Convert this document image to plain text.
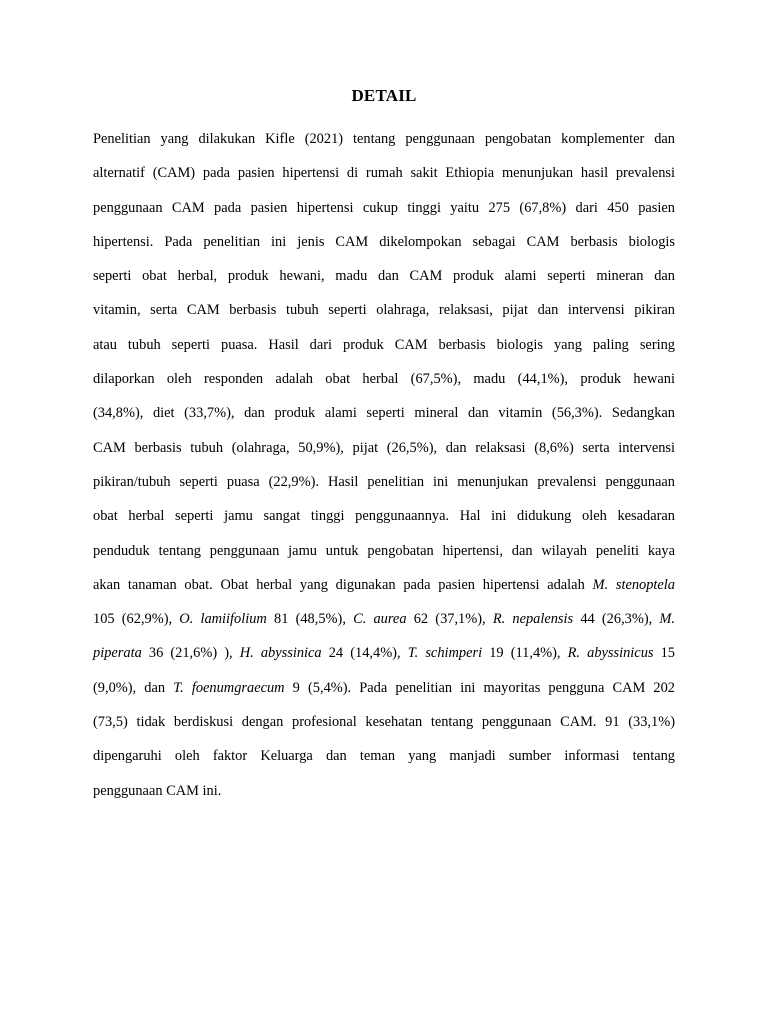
DETAIL
Penelitian yang dilakukan Kifle (2021) tentang penggunaan pengobatan komplementer dan
alternatif (CAM) pada pasien hipertensi di rumah sakit Ethiopia menunjukan hasil prevalensi
penggunaan CAM pada pasien hipertensi cukup tinggi yaitu 275 (67,8%) dari 450 pasien
hipertensi. Pada penelitian ini jenis CAM dikelompokan sebagai CAM berbasis biologis
seperti obat herbal, produk hewani, madu dan CAM produk alami seperti mineran dan
vitamin, serta CAM berbasis tubuh seperti olahraga, relaksasi, pijat dan intervensi pikiran
atau tubuh seperti puasa. Hasil dari produk CAM berbasis biologis yang paling sering
dilaporkan oleh responden adalah obat herbal (67,5%), madu (44,1%), produk hewani
(34,8%), diet (33,7%), dan produk alami seperti mineral dan vitamin (56,3%). Sedangkan
CAM berbasis tubuh (olahraga, 50,9%), pijat (26,5%), dan relaksasi (8,6%) serta intervensi
pikiran/tubuh seperti puasa (22,9%). Hasil penelitian ini menunjukan prevalensi penggunaan
obat herbal seperti jamu sangat tinggi penggunaannya. Hal ini didukung oleh kesadaran
penduduk tentang penggunaan jamu untuk pengobatan hipertensi, dan wilayah peneliti kaya
akan tanaman obat. Obat herbal yang digunakan pada pasien hipertensi adalah M. stenoptela
105 (62,9%), O. lamiifolium 81 (48,5%), C. aurea 62 (37,1%), R. nepalensis 44 (26,3%), M.
piperata 36 (21,6%) ), H. abyssinica 24 (14,4%), T. schimperi 19 (11,4%), R. abyssinicus 15
(9,0%), dan T. foenumgraecum 9 (5,4%). Pada penelitian ini mayoritas pengguna CAM 202
(73,5) tidak berdiskusi dengan profesional kesehatan tentang penggunaan CAM. 91 (33,1%)
dipengaruhi oleh faktor Keluarga dan teman yang manjadi sumber informasi tentang
penggunaan CAM ini.
